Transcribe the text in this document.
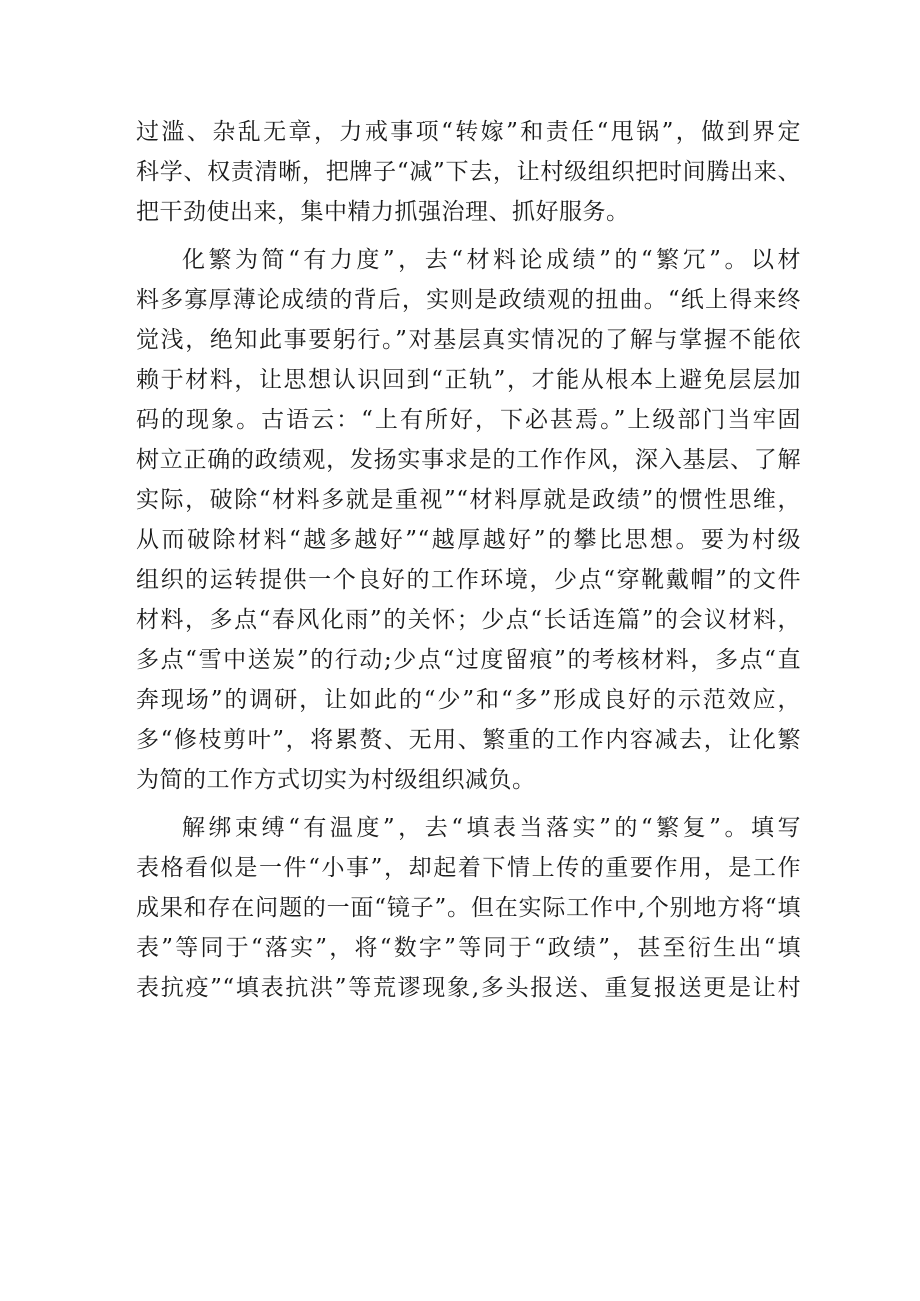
过滥、杂乱无章，力戒事项“转嫁”和责任“甩锅”，做到界定
科学、权责清晰，把牌子“减”下去，让村级组织把时间腾出来、
把干劲使出来，集中精力抓强治理、抓好服务。
化繁为简“有力度”，去“材料论成绩”的“繁冗”。以材
料多寡厚薄论成绩的背后，实则是政绩观的扭曲。“纸上得来终
觉浅，绝知此事要躬行。”对基层真实情况的了解与掌握不能依
赖于材料，让思想认识回到“正轨”，才能从根本上避免层层加
码的现象。古语云：“上有所好，下必甚焉。”上级部门当牢固
树立正确的政绩观，发扬实事求是的工作作风，深入基层、了解
实际，破除“材料多就是重视”“材料厚就是政绩”的惯性思维，
从而破除材料“越多越好”“越厚越好”的攀比思想。要为村级
组织的运转提供一个良好的工作环境，少点“穿靴戴帽”的文件
材料，多点“春风化雨”的关怀；少点“长话连篇”的会议材料，
多点“雪中送炭”的行动;少点“过度留痕”的考核材料，多点“直
奔现场”的调研，让如此的“少”和“多”形成良好的示范效应，
多“修枝剪叶”，将累赘、无用、繁重的工作内容减去，让化繁
为简的工作方式切实为村级组织减负。
解绑束缚“有温度”，去“填表当落实”的“繁复”。填写
表格看似是一件“小事”，却起着下情上传的重要作用，是工作
成果和存在问题的一面“镜子”。但在实际工作中,个别地方将“填
表”等同于“落实”，将“数字”等同于“政绩”，甚至衍生出“填
表抗疫”“填表抗洪”等荒谬现象,多头报送、重复报送更是让村
